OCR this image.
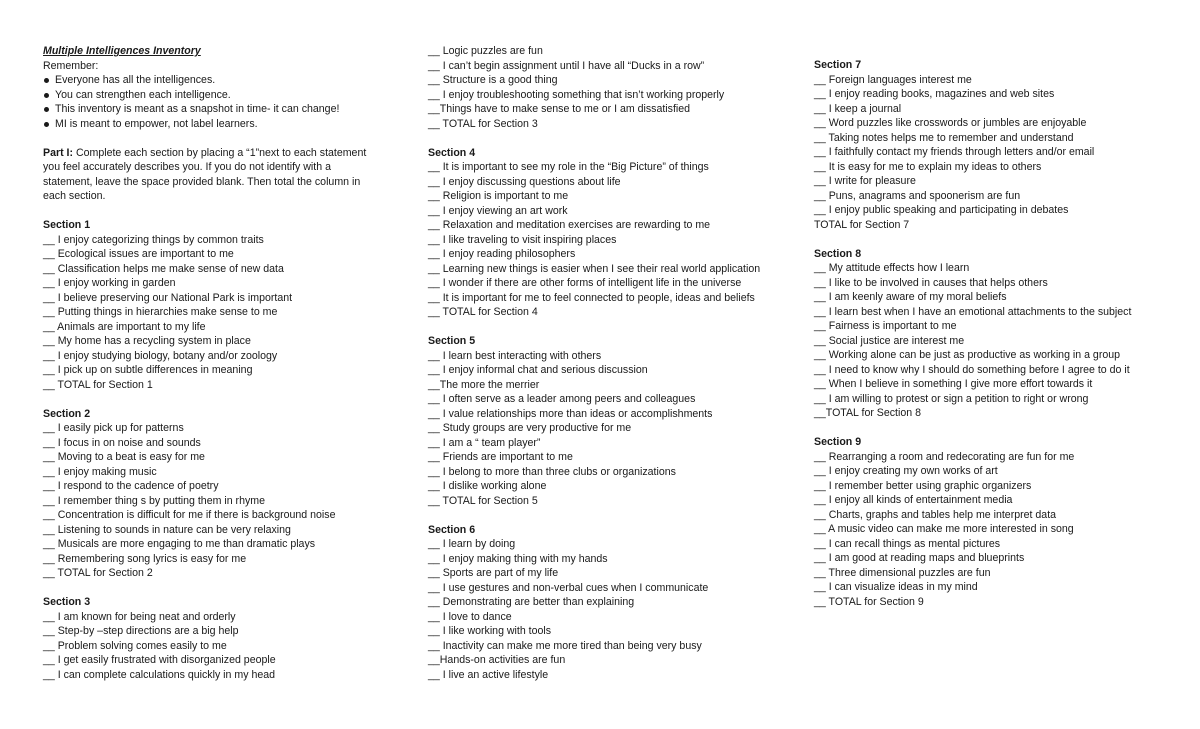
Multiple Intelligences Inventory
Remember:
Everyone has all the intelligences.
You can strengthen each intelligence.
This inventory is meant as a snapshot in time- it can change!
MI is meant to empower, not label learners.
Part I: Complete each section by placing a “1”next to each statement you feel accurately describes you. If you do not identify with a statement, leave the space provided blank. Then total the column in each section.
Section 1
__ I enjoy categorizing things by common traits
__ Ecological issues are important to me
__ Classification helps me make sense of new data
__ I enjoy working in garden
__ I believe preserving our National Park is important
__ Putting things in hierarchies make sense to me
__ Animals are important to my life
__ My home has a recycling system in place
__ I enjoy studying biology, botany and/or zoology
__ I pick up on subtle differences in meaning
__ TOTAL for Section 1
Section 2
__ I easily pick up for patterns
__ I focus in on noise and sounds
__ Moving to a beat is easy for me
__ I enjoy making music
__ I respond to the cadence of poetry
__ I remember thing s by putting them in rhyme
__ Concentration is difficult for me if there is background noise
__ Listening to sounds in nature can be very relaxing
__ Musicals are more engaging to me than dramatic plays
__ Remembering song lyrics is easy for me
__ TOTAL for Section 2
Section 3
__ I am known for being neat and orderly
__ Step-by –step directions are a big help
__ Problem solving comes easily to me
__ I get easily frustrated with disorganized people
__ I can complete calculations quickly in my head
__ Logic puzzles are fun
__ I can’t begin assignment until I have all “Ducks in a row”
__ Structure is a good thing
__ I enjoy troubleshooting something that isn’t working properly
__Things have to make sense to me or I am dissatisfied
__ TOTAL for Section 3
Section 4
__ It is important to see my role in the “Big Picture” of things
__ I enjoy discussing questions about life
__ Religion is important to me
__ I enjoy viewing an art work
__ Relaxation and meditation exercises are rewarding to me
__ I like traveling to visit inspiring places
__ I enjoy reading philosophers
__ Learning new things is easier when I see their real world application
__ I wonder if there are other forms of intelligent life in the universe
__ It is important for me to feel connected to people, ideas and beliefs
__ TOTAL for Section 4
Section 5
__ I learn best interacting with others
__ I enjoy informal chat and serious discussion
__The more the merrier
__ I often serve as a leader among peers and colleagues
__ I value relationships more than ideas or accomplishments
__ Study groups are very productive for me
__ I am a “ team player”
__ Friends are important to me
__ I belong to more than three clubs or organizations
__ I dislike working alone
__ TOTAL for Section 5
Section 6
__ I learn by doing
__ I enjoy making thing with my hands
__ Sports are part of my life
__ I use gestures and non-verbal cues when I communicate
__ Demonstrating are better than explaining
__ I love to dance
__ I like working with tools
__ Inactivity can make me more tired than being very busy
__Hands-on activities are fun
__ I live an active lifestyle
Section 7
__ Foreign languages interest me
__ I enjoy reading books, magazines and web sites
__ I keep a journal
__ Word puzzles like crosswords or jumbles are enjoyable
__ Taking notes helps me to remember and understand
__ I faithfully contact my friends through letters and/or email
__ It is easy for me to explain my ideas to others
__ I write for pleasure
__ Puns, anagrams and spoonerism are fun
__ I enjoy public speaking and participating in debates
TOTAL for Section 7
Section 8
__ My attitude effects how I learn
__ I like to be involved in causes that helps others
__ I am keenly aware of my moral beliefs
__ I learn best when I have an emotional attachments to the subject
__ Fairness is important to me
__ Social justice are interest me
__ Working alone can be just as productive as working in a group
__ I need to know why I should do something before I agree to do it
__ When I believe in something I give more effort towards it
__ I am willing to protest or sign a petition to right or wrong
__TOTAL for Section 8
Section 9
__ Rearranging a room and redecorating are fun for me
__ I enjoy creating my own works of art
__ I remember better using graphic organizers
__ I enjoy all kinds of entertainment media
__ Charts, graphs and tables help me interpret data
__ A music video can make me more interested in song
__ I can recall things as mental pictures
__ I am good at reading maps and blueprints
__ Three dimensional puzzles are fun
__ I can visualize ideas in my mind
__ TOTAL for Section 9
